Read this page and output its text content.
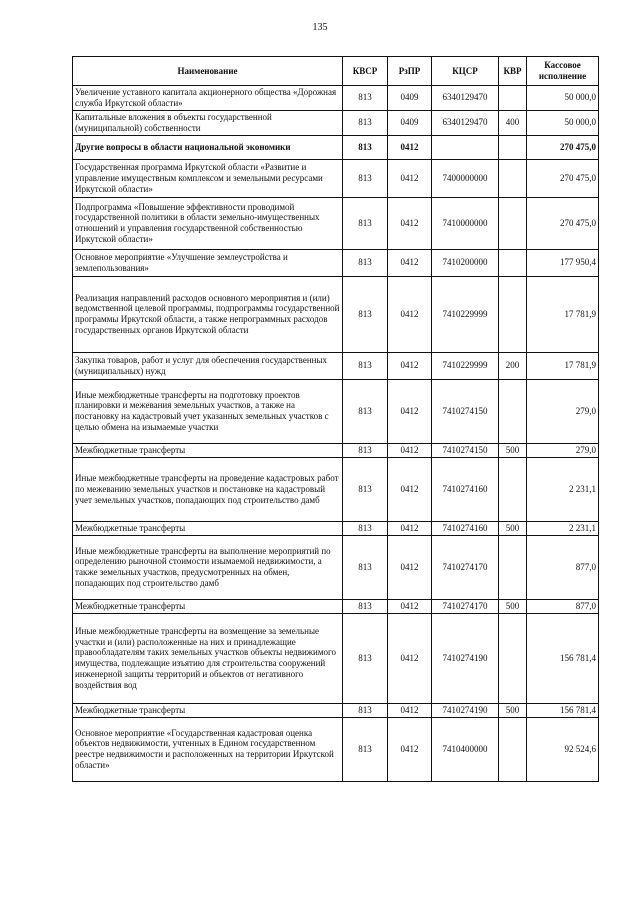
135
Наименование	КВСР	РзПР	КЦСР	КВР	Кассовое исполнение
Увеличение уставного капитала акционерного общества «Дорожная служба Иркутской области»	813	0409	6340129470		50 000,0
Капитальные вложения в объекты государственной (муниципальной) собственности	813	0409	6340129470	400	50 000,0
Другие вопросы в области национальной экономики	813	0412			270 475,0
Государственная программа Иркутской области «Развитие и управление имуществным комплексом и земельными ресурсами Иркутской области»	813	0412	7400000000		270 475,0
Подпрограмма «Повышение эффективности проводимой государственной политики в области земельно-имущественных отношений и управления государственной собственностью Иркутской области»	813	0412	7410000000		270 475,0
Основное мероприятие «Улучшение землеустройства и землепользования»	813	0412	7410200000		177 950,4
Реализация направлений расходов основного мероприятия и (или) ведомственной целевой программы, подпрограммы государственной программы Иркутской области, а также непрограммных расходов государственных органов Иркутской области	813	0412	7410229999		17 781,9
Закупка товаров, работ и услуг для обеспечения государственных (муниципальных) нужд	813	0412	7410229999	200	17 781,9
Иные межбюджетные трансферты на подготовку проектов планировки и межевания земельных участков, а также на постановку на кадастровый учет указанных земельных участков с целью обмена на изымаемые участки	813	0412	7410274150		279,0
Межбюджетные трансферты	813	0412	7410274150	500	279,0
Иные межбюджетные трансферты на проведение кадастровых работ по межеванию земельных участков и постановке на кадастровый учет земельных участков, попадающих под строительство дамб	813	0412	7410274160		2 231,1
Межбюджетные трансферты	813	0412	7410274160	500	2 231,1
Иные межбюджетные трансферты на выполнение мероприятий по определению рыночной стоимости изымаемой недвижимости, а также земельных участков, предусмотренных на обмен, попадающих под строительство дамб	813	0412	7410274170		877,0
Межбюджетные трансферты	813	0412	7410274170	500	877,0
Иные межбюджетные трансферты на возмещение за земельные участки и (или) расположенные на них и принадлежащие правообладателям таких земельных участков объекты недвижимого имущества, подлежащие изъятию для строительства сооружений инженерной защиты территорий и объектов от негативного воздействия вод	813	0412	7410274190		156 781,4
Межбюджетные трансферты	813	0412	7410274190	500	156 781,4
Основное мероприятие «Государственная кадастровая оценка объектов недвижимости, учтенных в Едином государственном реестре недвижимости и расположенных на территории Иркутской области»	813	0412	7410400000		92 524,6
